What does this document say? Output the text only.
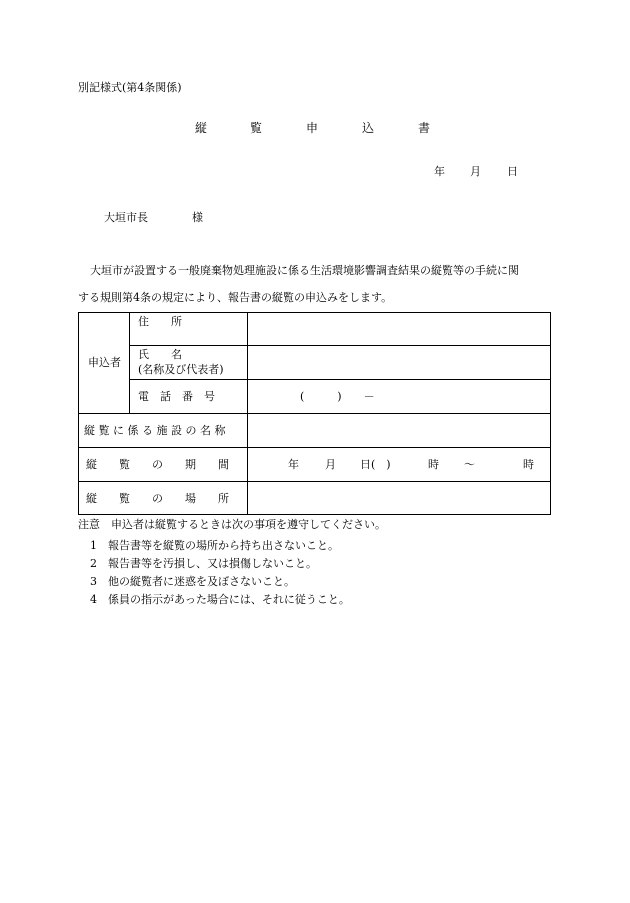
別記様式(第4条関係)
縦	覧	申	込	書
年 月 日
大垣市長	様
大垣市が設置する一般廃棄物処理施設に係る生活環境影響調査結果の縦覧等の手続に関
する規則第4条の規定により、報告書の縦覧の申込みをします。
申込者
住　　所
氏　　名
(名称及び代表者)
電　話　番　号	(　　　)　　－
縦 覧 に 係 る 施 設 の 名 称
縦　　覧　　の　　期　　間	年 月 日(　)	時 ～	時
縦　　覧　　の　　場　　所
注意　申込者は縦覧するときは次の事項を遵守してください。
1　報告書等を縦覧の場所から持ち出さないこと。
2　報告書等を汚損し、又は損傷しないこと。
3　他の縦覧者に迷惑を及ぼさないこと。
4　係員の指示があった場合には、それに従うこと。
